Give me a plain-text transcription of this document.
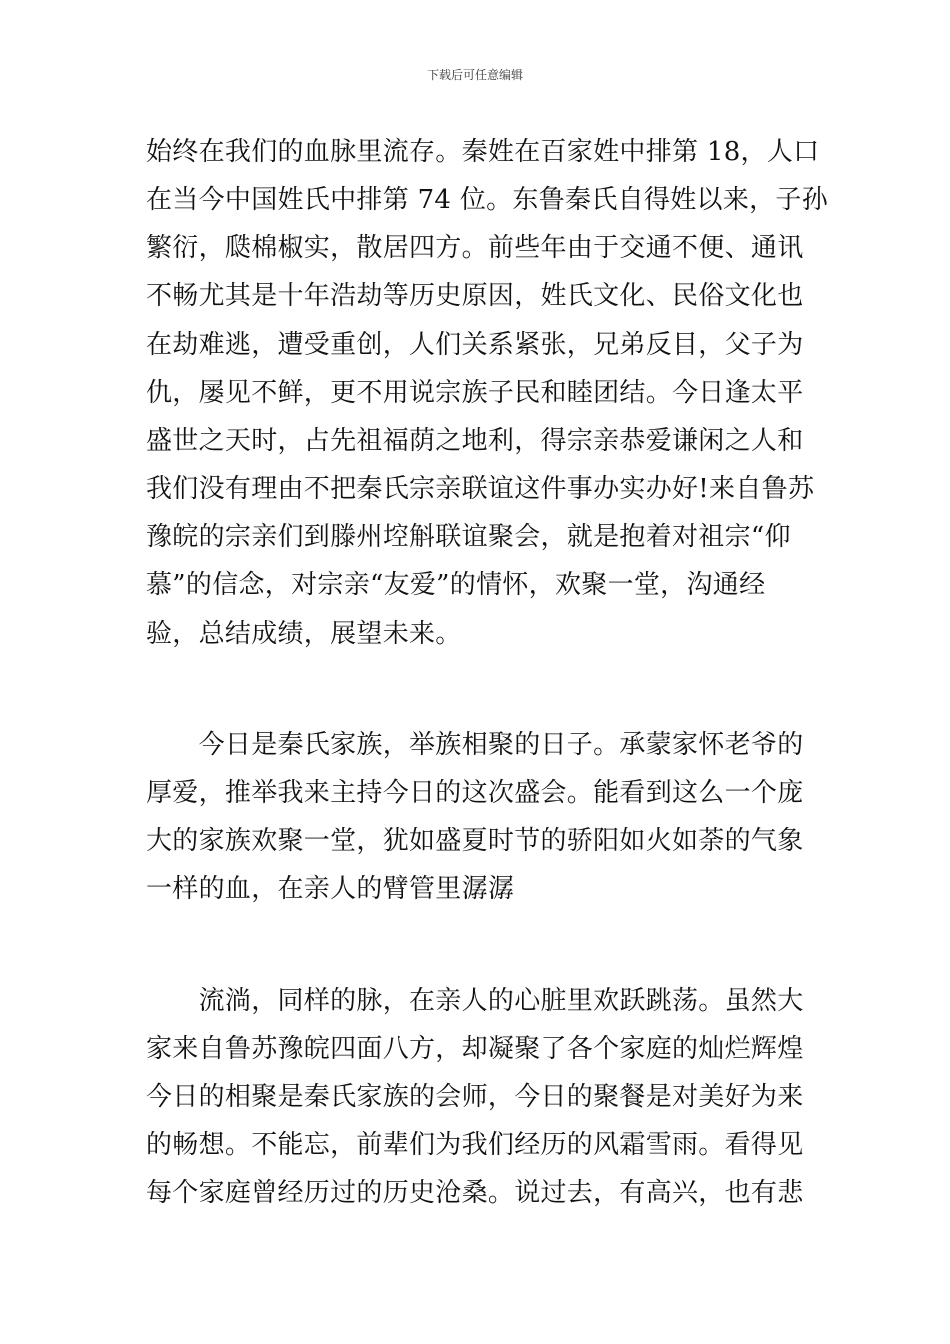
下载后可任意编辑
始终在我们的血脉里流存。秦姓在百家姓中排第 18，人口
在当今中国姓氏中排第 74 位。东鲁秦氏自得姓以来，子孙
繁衍，瓞棉椒实，散居四方。前些年由于交通不便、通讯
不畅尤其是十年浩劫等历史原因，姓氏文化、民俗文化也
在劫难逃，遭受重创，人们关系紧张，兄弟反目，父子为
仇，屡见不鲜，更不用说宗族子民和睦团结。今日逢太平
盛世之天时，占先祖福荫之地利，得宗亲恭爱谦闲之人和
我们没有理由不把秦氏宗亲联谊这件事办实办好!来自鲁苏
豫皖的宗亲们到滕州埪斛联谊聚会，就是抱着对祖宗“仰
慕”的信念，对宗亲“友爱”的情怀，欢聚一堂，沟通经
验，总结成绩，展望未来。
　　今日是秦氏家族，举族相聚的日子。承蒙家怀老爷的
厚爱，推举我来主持今日的这次盛会。能看到这么一个庞
大的家族欢聚一堂，犹如盛夏时节的骄阳如火如荼的气象
一样的血，在亲人的臂管里潺潺
　　流淌，同样的脉，在亲人的心脏里欢跃跳荡。虽然大
家来自鲁苏豫皖四面八方，却凝聚了各个家庭的灿烂辉煌
今日的相聚是秦氏家族的会师，今日的聚餐是对美好为来
的畅想。不能忘，前辈们为我们经历的风霜雪雨。看得见
每个家庭曾经历过的历史沧桑。说过去，有高兴，也有悲
